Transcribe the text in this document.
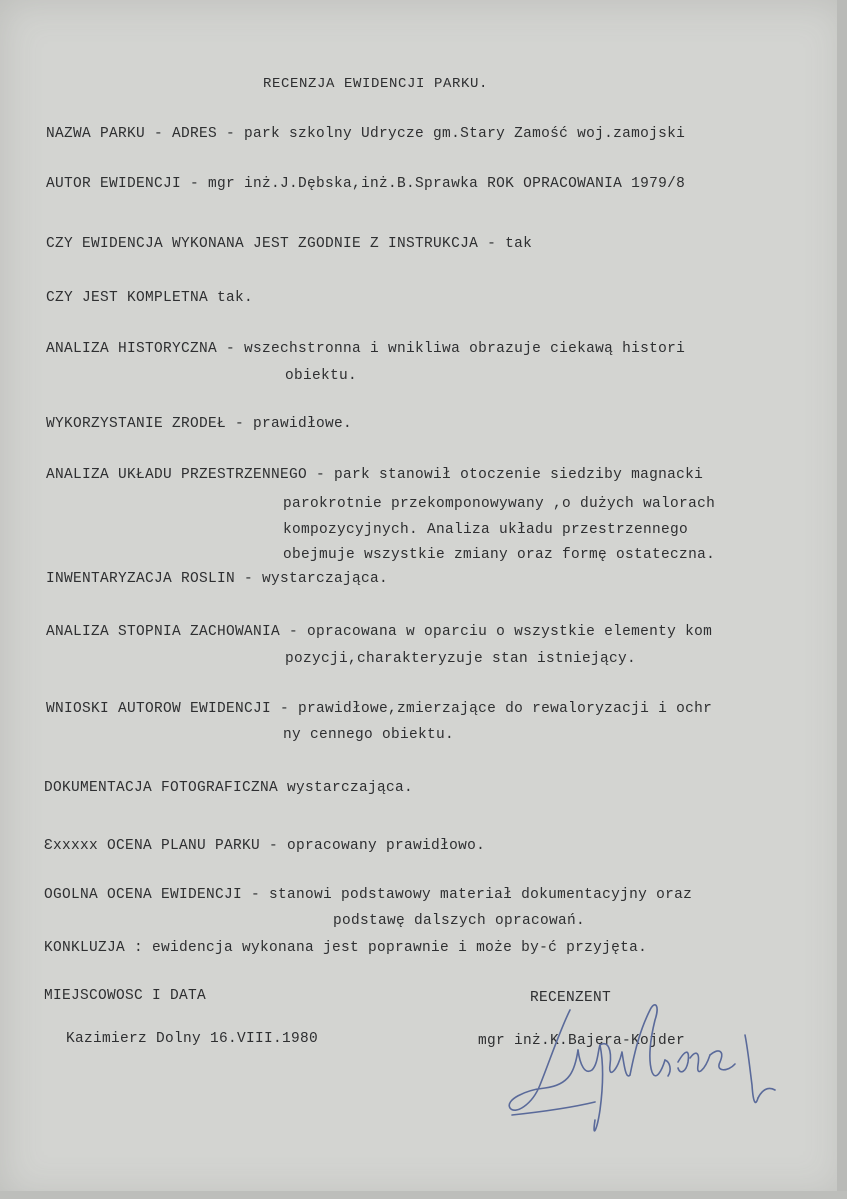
RECENZJA EWIDENCJI PARKU.
NAZWA PARKU - ADRES - park szkolny Udrycze gm.Stary Zamość woj.zamojski
AUTOR EWIDENCJI - mgr inż.J.Dębska,inż.B.Sprawka ROK OPRACOWANIA 1979/8
CZY EWIDENCJA WYKONANA JEST ZGODNIE Z INSTRUKCJA - tak
CZY JEST KOMPLETNA tak.
ANALIZA HISTORYCZNA - wszechstronna i wnikliwa obrazuje ciekawą histori
obiektu.
WYKORZYSTANIE ZRODEŁ - prawidłowe.
ANALIZA UKŁADU PRZESTRZENNEGO - park stanowił otoczenie siedziby magnacki
parokrotnie przekomponowywany ,o dużych walorach
kompozycyjnych. Analiza układu przestrzennego
obejmuje wszystkie zmiany oraz formę ostateczna.
INWENTARYZACJA ROSLIN - wystarczająca.
ANALIZA STOPNIA ZACHOWANIA - opracowana w oparciu o wszystkie elementy kom
pozycji,charakteryzuje stan istniejący.
WNIOSKI AUTOROW EWIDENCJI - prawidłowe,zmierzające do rewaloryzacji i ochr
ny cennego obiektu.
DOKUMENTACJA FOTOGRAFICZNA wystarczająca.
Ɛxxxxx OCENA PLANU PARKU - opracowany prawidłowo.
OGOLNA OCENA EWIDENCJI - stanowi podstawowy materiał dokumentacyjny oraz
podstawę dalszych opracowań.
KONKLUZJA : ewidencja wykonana jest poprawnie i może by-ć przyjęta.
MIEJSCOWOSC I DATA	RECENZENT
Kazimierz Dolny 16.VIII.1980	mgr inż.K.Bajera-Kojder
